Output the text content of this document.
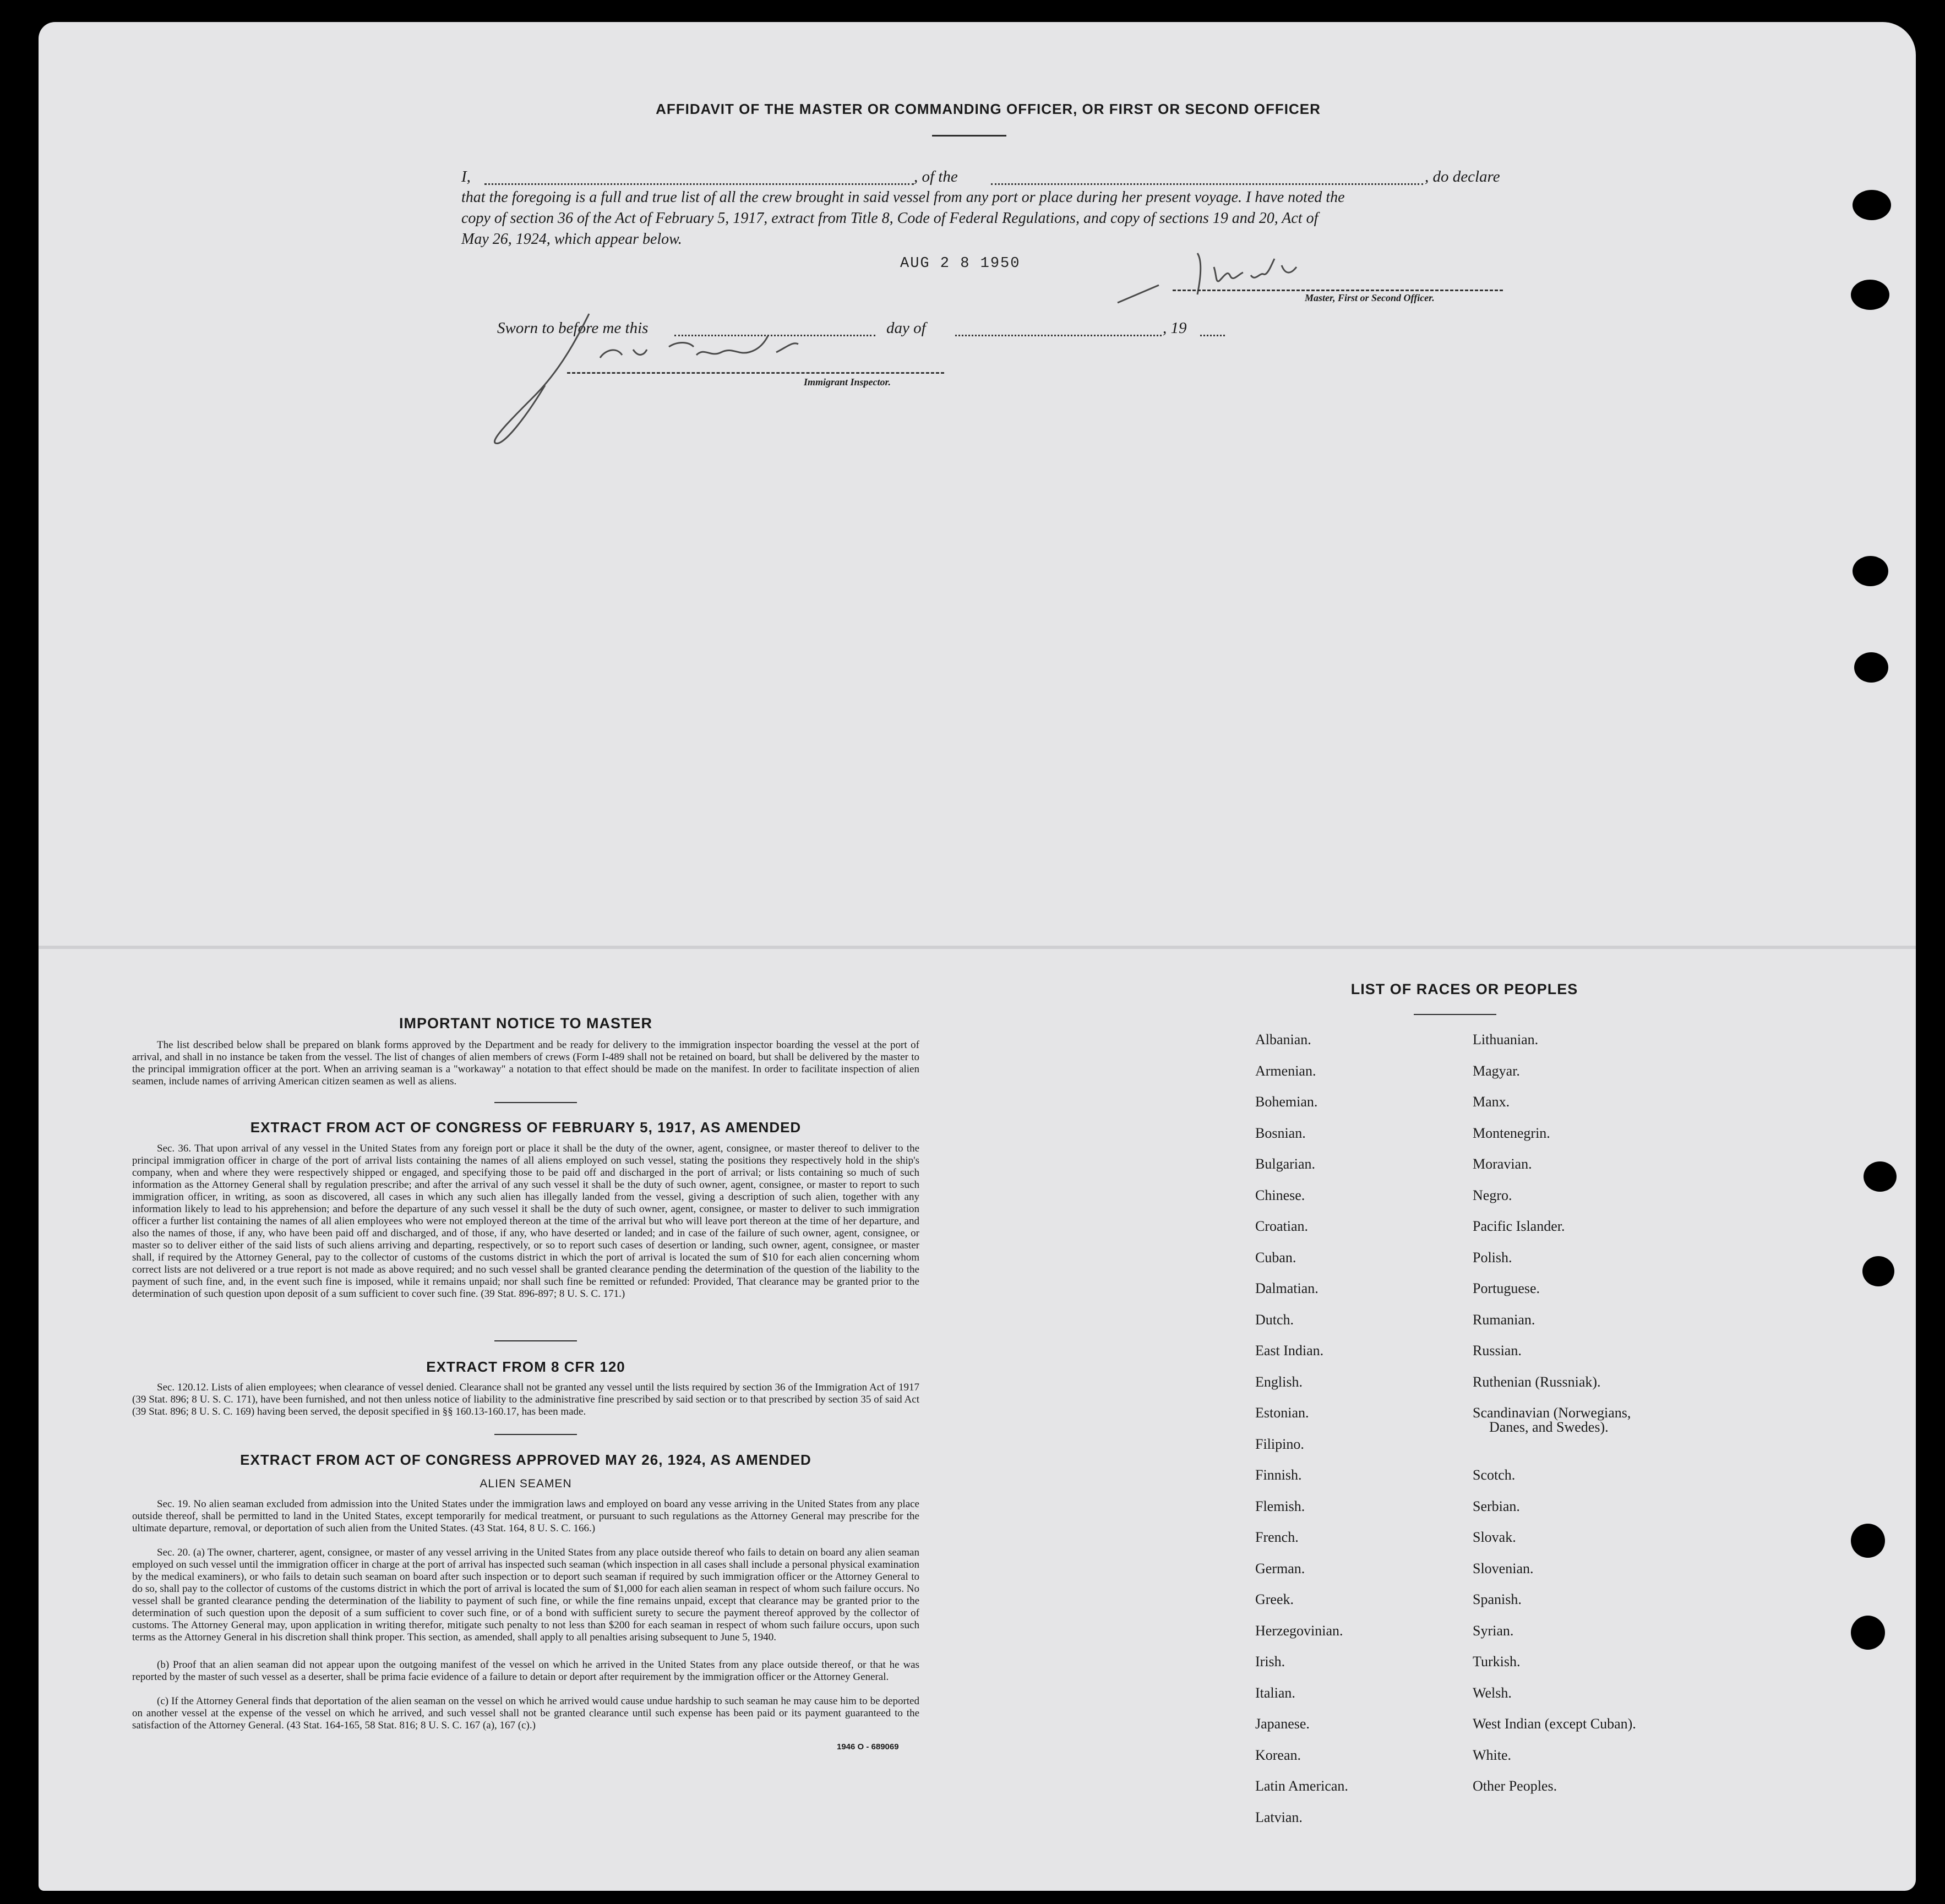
AFFIDAVIT OF THE MASTER OR COMMANDING OFFICER, OR FIRST OR SECOND OFFICER
I,	, of the	, do declare
that the foregoing is a full and true list of all the crew brought in said vessel from any port or place during her present voyage. I have noted the
copy of section 36 of the Act of February 5, 1917, extract from Title 8, Code of Federal Regulations, and copy of sections 19 and 20, Act of
May 26, 1924, which appear below.
AUG 2 8 1950
Master, First or Second Officer.
Sworn to before me this	day of	, 19
Immigrant Inspector.
IMPORTANT NOTICE TO MASTER
The list described below shall be prepared on blank forms approved by the Department and be ready for delivery to the immigration inspector boarding the vessel at the port of arrival, and shall in no instance be taken from the vessel. The list of changes of alien members of crews (Form I-489 shall not be retained on board, but shall be delivered by the master to the principal immigration officer at the port. When an arriving seaman is a "workaway" a notation to that effect should be made on the manifest. In order to facilitate inspection of alien seamen, include names of arriving American citizen seamen as well as aliens.
EXTRACT FROM ACT OF CONGRESS OF FEBRUARY 5, 1917, AS AMENDED
Sec. 36. That upon arrival of any vessel in the United States from any foreign port or place it shall be the duty of the owner, agent, consignee, or master thereof to deliver to the principal immigration officer in charge of the port of arrival lists containing the names of all aliens employed on such vessel, stating the positions they respectively hold in the ship's company, when and where they were respectively shipped or engaged, and specifying those to be paid off and discharged in the port of arrival; or lists containing so much of such information as the Attorney General shall by regulation prescribe; and after the arrival of any such vessel it shall be the duty of such owner, agent, consignee, or master to report to such immigration officer, in writing, as soon as discovered, all cases in which any such alien has illegally landed from the vessel, giving a description of such alien, together with any information likely to lead to his apprehension; and before the departure of any such vessel it shall be the duty of such owner, agent, consignee, or master to deliver to such immigration officer a further list containing the names of all alien employees who were not employed thereon at the time of the arrival but who will leave port thereon at the time of her departure, and also the names of those, if any, who have been paid off and discharged, and of those, if any, who have deserted or landed; and in case of the failure of such owner, agent, consignee, or master so to deliver either of the said lists of such aliens arriving and departing, respectively, or so to report such cases of desertion or landing, such owner, agent, consignee, or master shall, if required by the Attorney General, pay to the collector of customs of the customs district in which the port of arrival is located the sum of $10 for each alien concerning whom correct lists are not delivered or a true report is not made as above required; and no such vessel shall be granted clearance pending the determination of the question of the liability to the payment of such fine, and, in the event such fine is imposed, while it remains unpaid; nor shall such fine be remitted or refunded: Provided, That clearance may be granted prior to the determination of such question upon deposit of a sum sufficient to cover such fine. (39 Stat. 896-897; 8 U. S. C. 171.)
EXTRACT FROM 8 CFR 120
Sec. 120.12. Lists of alien employees; when clearance of vessel denied. Clearance shall not be granted any vessel until the lists required by section 36 of the Immigration Act of 1917 (39 Stat. 896; 8 U. S. C. 171), have been furnished, and not then unless notice of liability to the administrative fine prescribed by said section or to that prescribed by section 35 of said Act (39 Stat. 896; 8 U. S. C. 169) having been served, the deposit specified in §§ 160.13-160.17, has been made.
EXTRACT FROM ACT OF CONGRESS APPROVED MAY 26, 1924, AS AMENDED
ALIEN SEAMEN
Sec. 19. No alien seaman excluded from admission into the United States under the immigration laws and employed on board any vesse arriving in the United States from any place outside thereof, shall be permitted to land in the United States, except temporarily for medical treatment, or pursuant to such regulations as the Attorney General may prescribe for the ultimate departure, removal, or deportation of such alien from the United States. (43 Stat. 164, 8 U. S. C. 166.)
Sec. 20. (a) The owner, charterer, agent, consignee, or master of any vessel arriving in the United States from any place outside thereof who fails to detain on board any alien seaman employed on such vessel until the immigration officer in charge at the port of arrival has inspected such seaman (which inspection in all cases shall include a personal physical examination by the medical examiners), or who fails to detain such seaman on board after such inspection or to deport such seaman if required by such immigration officer or the Attorney General to do so, shall pay to the collector of customs of the customs district in which the port of arrival is located the sum of $1,000 for each alien seaman in respect of whom such failure occurs. No vessel shall be granted clearance pending the determination of the liability to payment of such fine, or while the fine remains unpaid, except that clearance may be granted prior to the determination of such question upon the deposit of a sum sufficient to cover such fine, or of a bond with sufficient surety to secure the payment thereof approved by the collector of customs. The Attorney General may, upon application in writing therefor, mitigate such penalty to not less than $200 for each seaman in respect of whom such failure occurs, upon such terms as the Attorney General in his discretion shall think proper. This section, as amended, shall apply to all penalties arising subsequent to June 5, 1940.
(b) Proof that an alien seaman did not appear upon the outgoing manifest of the vessel on which he arrived in the United States from any place outside thereof, or that he was reported by the master of such vessel as a deserter, shall be prima facie evidence of a failure to detain or deport after requirement by the immigration officer or the Attorney General.
(c) If the Attorney General finds that deportation of the alien seaman on the vessel on which he arrived would cause undue hardship to such seaman he may cause him to be deported on another vessel at the expense of the vessel on which he arrived, and such vessel shall not be granted clearance until such expense has been paid or its payment guaranteed to the satisfaction of the Attorney General. (43 Stat. 164-165, 58 Stat. 816; 8 U. S. C. 167 (a), 167 (c).)
1946 O - 689069
LIST OF RACES OR PEOPLES
Albanian.
Armenian.
Bohemian.
Bosnian.
Bulgarian.
Chinese.
Croatian.
Cuban.
Dalmatian.
Dutch.
East Indian.
English.
Estonian.
Filipino.
Finnish.
Flemish.
French.
German.
Greek.
Herzegovinian.
Irish.
Italian.
Japanese.
Korean.
Latin American.
Latvian.
Lithuanian.
Magyar.
Manx.
Montenegrin.
Moravian.
Negro.
Pacific Islander.
Polish.
Portuguese.
Rumanian.
Russian.
Ruthenian (Russniak).
Scandinavian (Norwegians,
Scotch.
Serbian.
Slovak.
Slovenian.
Spanish.
Syrian.
Turkish.
Welsh.
West Indian (except Cuban).
White.
Other Peoples.
Danes, and Swedes).
